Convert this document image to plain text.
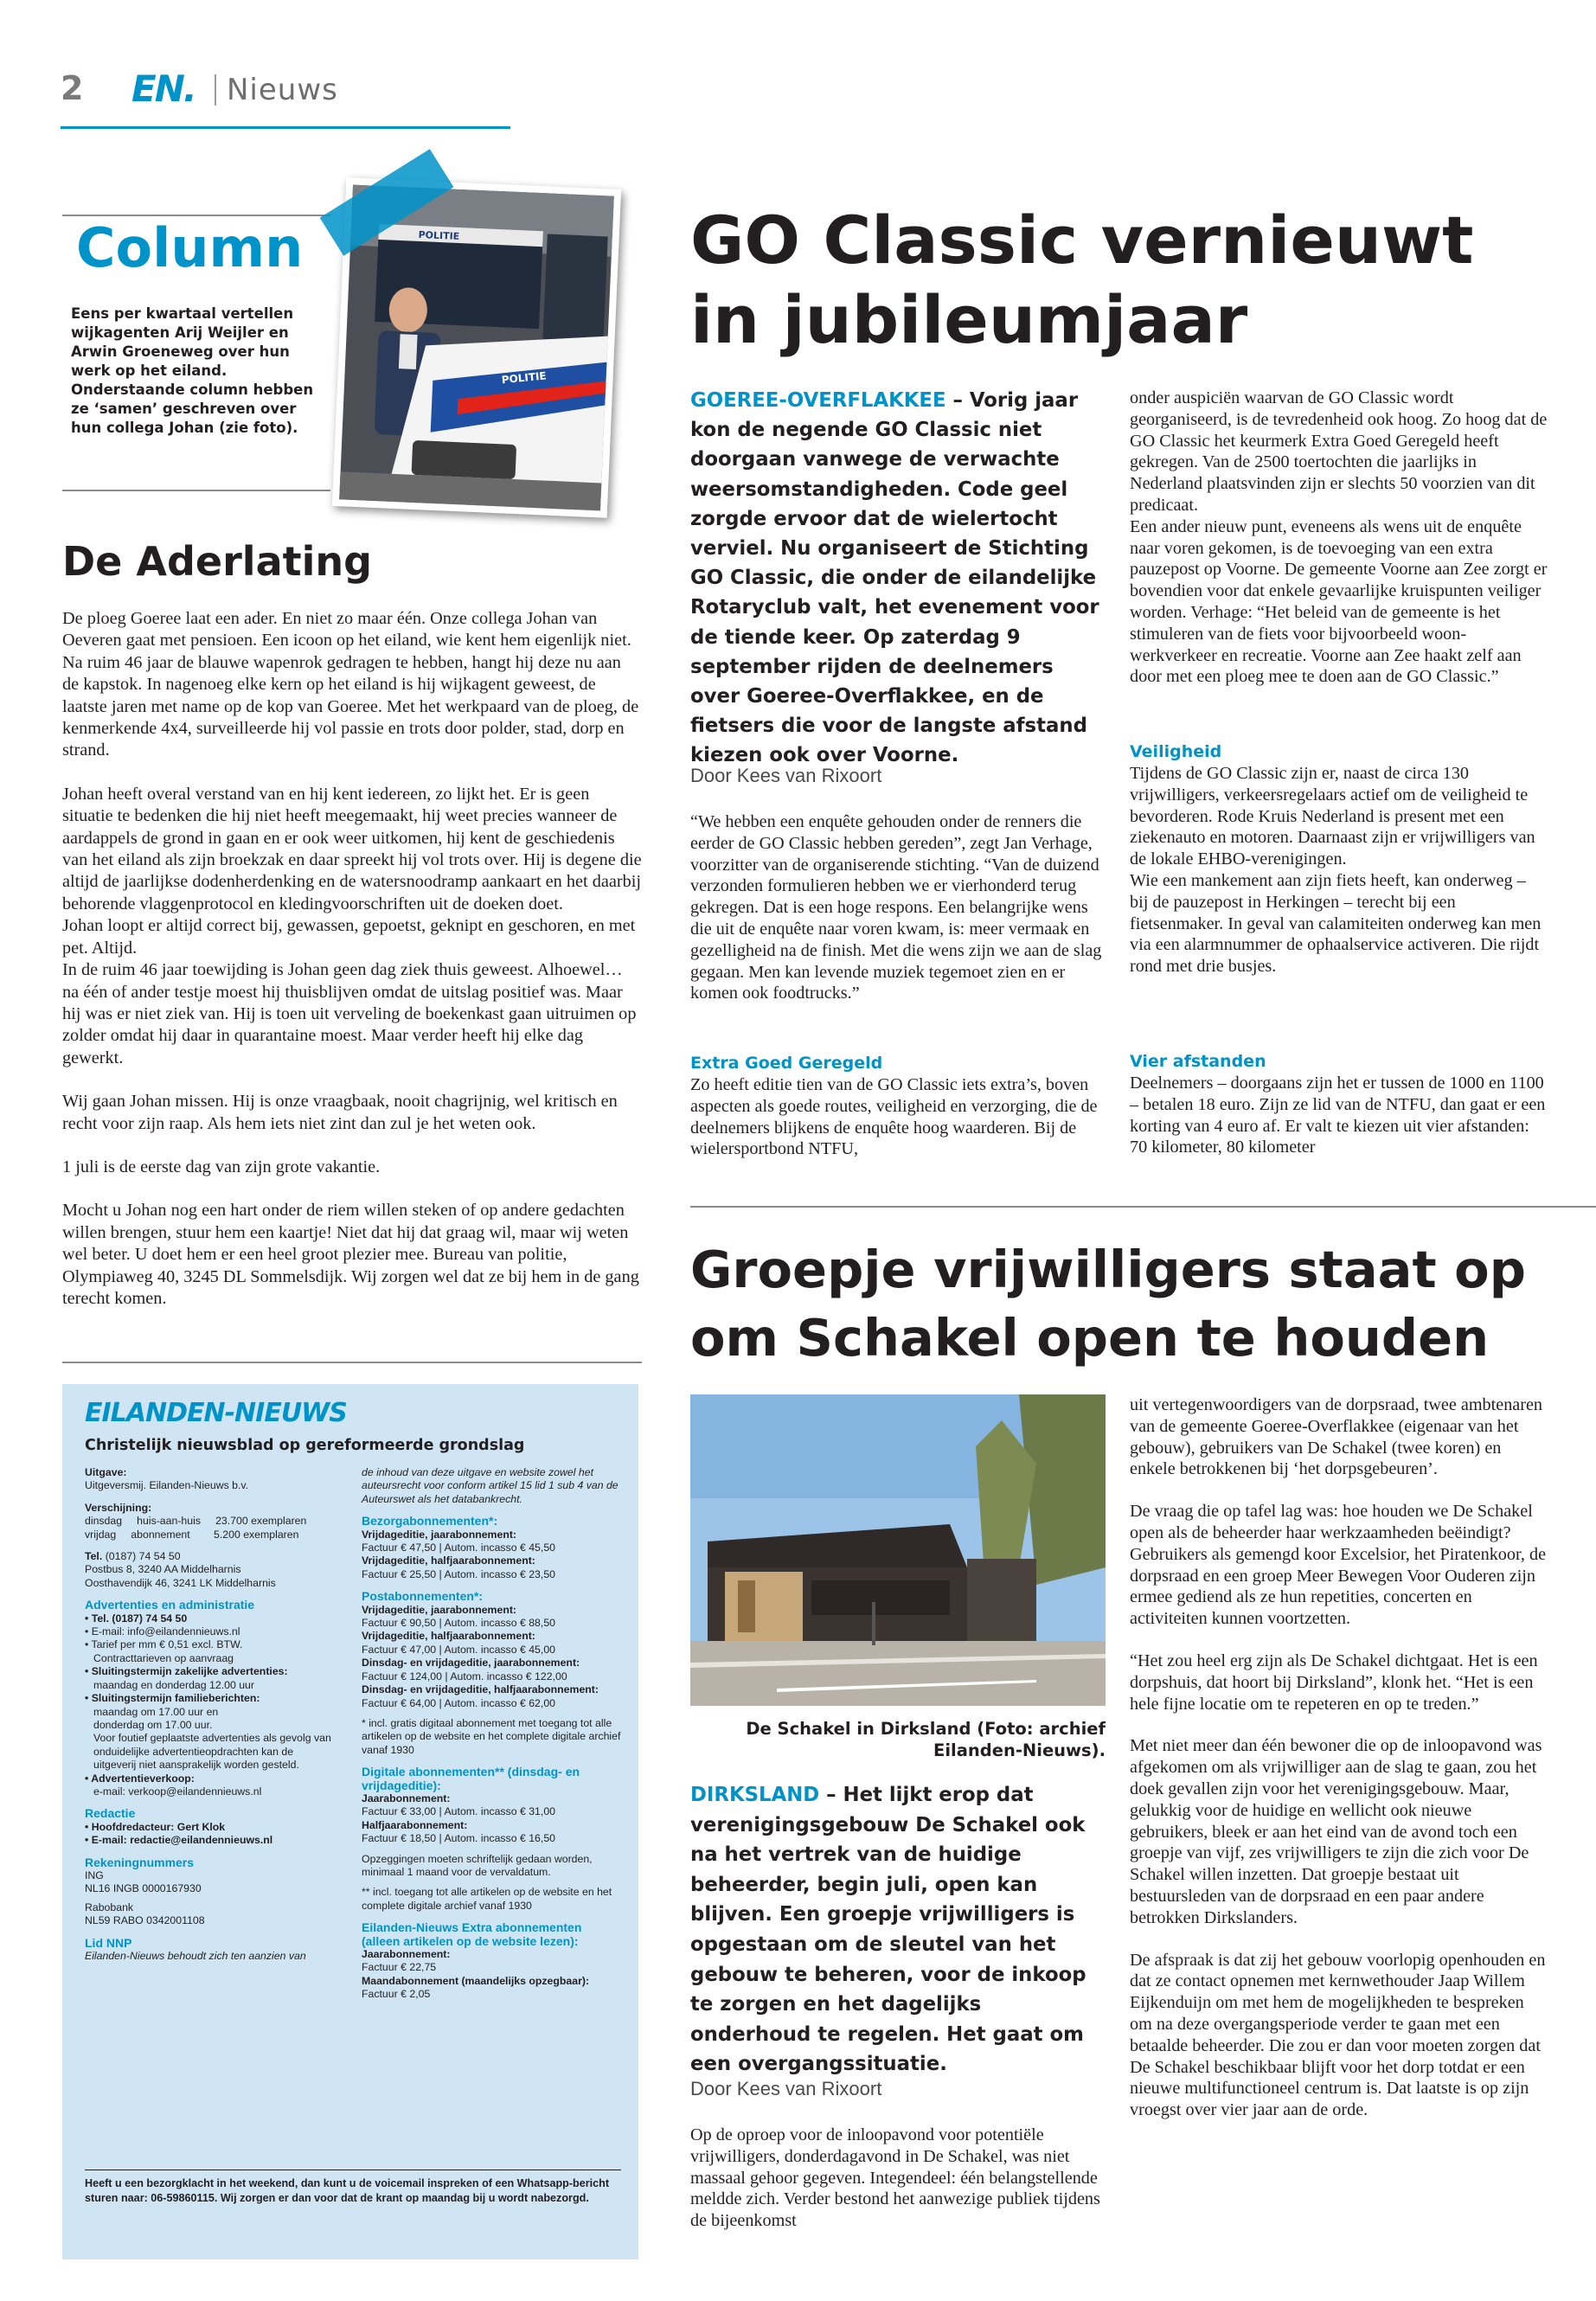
2 EN. Nieuws
Column
Eens per kwartaal vertellen wijkagenten Arij Weijler en Arwin Groeneweg over hun werk op het eiland. Onderstaande column hebben ze ‘samen’ geschreven over hun collega Johan (zie foto).
POLITIE
POLITIE
De Aderlating

De ploeg Goeree laat een ader. En niet zo maar één. Onze collega Johan van Oeveren gaat met pensioen. Een icoon op het eiland, wie kent hem eigenlijk niet. Na ruim 46 jaar de blauwe wapenrok gedragen te hebben, hangt hij deze nu aan de kapstok. In nagenoeg elke kern op het eiland is hij wijkagent geweest, de laatste jaren met name op de kop van Goeree. Met het werkpaard van de ploeg, de kenmerkende 4x4, surveilleerde hij vol passie en trots door polder, stad, dorp en strand.

Johan heeft overal verstand van en hij kent iedereen, zo lijkt het. Er is geen situatie te bedenken die hij niet heeft meegemaakt, hij weet precies wanneer de aardappels de grond in gaan en er ook weer uitkomen, hij kent de geschiedenis van het eiland als zijn broekzak en daar spreekt hij vol trots over. Hij is degene die altijd de jaarlijkse dodenherdenking en de watersnoodramp aankaart en het daarbij behorende vlaggenprotocol en kledingvoorschriften uit de doeken doet.

Johan loopt er altijd correct bij, gewassen, gepoetst, geknipt en geschoren, en met pet. Altijd.

In de ruim 46 jaar toewijding is Johan geen dag ziek thuis geweest. Alhoewel… na één of ander testje moest hij thuisblijven omdat de uitslag positief was. Maar hij was er niet ziek van. Hij is toen uit verveling de boekenkast gaan uitruimen op zolder omdat hij daar in quarantaine moest. Maar verder heeft hij elke dag gewerkt.

Wij gaan Johan missen. Hij is onze vraagbaak, nooit chagrijnig, wel kritisch en recht voor zijn raap. Als hem iets niet zint dan zul je het weten ook.

1 juli is de eerste dag van zijn grote vakantie.

Mocht u Johan nog een hart onder de riem willen steken of op andere gedachten willen brengen, stuur hem een kaartje! Niet dat hij dat graag wil, maar wij weten wel beter. U doet hem er een heel groot plezier mee. Bureau van politie, Olympiaweg 40, 3245 DL Sommelsdijk. Wij zorgen wel dat ze bij hem in de gang terecht komen.

EILANDEN-NIEUWS
Christelijk nieuwsblad op gereformeerde grondslag
Uitgave:
Uitgeversmij. Eilanden-Nieuws b.v.
Verschijning:
dinsdag     huis-aan-huis     23.700 exemplaren
vrijdag     abonnement        5.200 exemplaren
Tel. (0187) 74 54 50
Postbus 8, 3240 AA Middelharnis
Oosthavendijk 46, 3241 LK Middelharnis
Advertenties en administratie
• Tel. (0187) 74 54 50
• E-mail: info@eilandennieuws.nl
• Tarief per mm € 0,51 excl. BTW.
Contracttarieven op aanvraag
• Sluitingstermijn zakelijke advertenties:
maandag en donderdag 12.00 uur
• Sluitingstermijn familieberichten:
maandag om 17.00 uur en
donderdag om 17.00 uur.
Voor foutief geplaatste advertenties als gevolg van onduidelijke advertentieopdrachten kan de uitgeverij niet aansprakelijk worden gesteld.
• Advertentieverkoop:
e-mail: verkoop@eilandennieuws.nl
Redactie
• Hoofdredacteur: Gert Klok
• E-mail: redactie@eilandennieuws.nl
Rekeningnummers
ING
NL16 INGB 0000167930
Rabobank
NL59 RABO 0342001108
Lid NNP
Eilanden-Nieuws behoudt zich ten aanzien van
de inhoud van deze uitgave en website zowel het auteursrecht voor conform artikel 15 lid 1 sub 4 van de Auteurswet als het databankrecht.
Bezorgabonnementen*:
Vrijdageditie, jaarabonnement:
Factuur € 47,50 | Autom. incasso € 45,50
Vrijdageditie, halfjaarabonnement:
Factuur € 25,50 | Autom. incasso € 23,50
Postabonnementen*:
Vrijdageditie, jaarabonnement:
Factuur € 90,50 | Autom. incasso € 88,50
Vrijdageditie, halfjaarabonnement:
Factuur € 47,00 | Autom. incasso € 45,00
Dinsdag- en vrijdageditie, jaarabonnement:
Factuur € 124,00 | Autom. incasso € 122,00
Dinsdag- en vrijdageditie, halfjaarabonnement:
Factuur € 64,00 | Autom. incasso € 62,00
* incl. gratis digitaal abonnement met toegang tot alle artikelen op de website en het complete digitale archief vanaf 1930
Digitale abonnementen** (dinsdag- en vrijdageditie):
Jaarabonnement:
Factuur € 33,00 | Autom. incasso € 31,00
Halfjaarabonnement:
Factuur € 18,50 | Autom. incasso € 16,50
Opzeggingen moeten schriftelijk gedaan worden, minimaal 1 maand voor de vervaldatum.
** incl. toegang tot alle artikelen op de website en het complete digitale archief vanaf 1930
Eilanden-Nieuws Extra abonnementen (alleen artikelen op de website lezen):
Jaarabonnement:
Factuur € 22,75
Maandabonnement (maandelijks opzegbaar):
Factuur € 2,05
Heeft u een bezorgklacht in het weekend, dan kunt u de voicemail inspreken of een Whatsapp-bericht sturen naar: 06-59860115. Wij zorgen er dan voor dat de krant op maandag bij u wordt nabezorgd.
GO Classic vernieuwt in jubileumjaar
GOEREE-OVERFLAKKEE – Vorig jaar kon de negende GO Classic niet doorgaan vanwege de verwachte weersomstandigheden. Code geel zorgde ervoor dat de wielertocht verviel. Nu organiseert de Stichting GO Classic, die onder de eilandelijke Rotaryclub valt, het evenement voor de tiende keer. Op zaterdag 9 september rijden de deelnemers over Goeree-Overflakkee, en de fietsers die voor de langste afstand kiezen ook over Voorne.
Door Kees van Rixoort
“We hebben een enquête gehouden onder de renners die eerder de GO Classic hebben gereden”, zegt Jan Verhage, voorzitter van de organiserende stichting. “Van de duizend verzonden formulieren hebben we er vierhonderd terug gekregen. Dat is een hoge respons. Een belangrijke wens die uit de enquête naar voren kwam, is: meer vermaak en gezelligheid na de finish. Met die wens zijn we aan de slag gegaan. Men kan levende muziek tegemoet zien en er komen ook foodtrucks.”
Extra Goed Geregeld
Zo heeft editie tien van de GO Classic iets extra’s, boven aspecten als goede routes, veiligheid en verzorging, die de deelnemers blijkens de enquête hoog waarderen. Bij de wielersportbond NTFU,

onder auspiciën waarvan de GO Classic wordt georganiseerd, is de tevredenheid ook hoog. Zo hoog dat de GO Classic het keurmerk Extra Goed Geregeld heeft gekregen. Van de 2500 toertochten die jaarlijks in Nederland plaatsvinden zijn er slechts 50 voorzien van dit predicaat.

Een ander nieuw punt, eveneens als wens uit de enquête naar voren gekomen, is de toevoeging van een extra pauzepost op Voorne. De gemeente Voorne aan Zee zorgt er bovendien voor dat enkele gevaarlijke kruispunten veiliger worden. Verhage: “Het beleid van de gemeente is het stimuleren van de fiets voor bijvoorbeeld woon-werkverkeer en recreatie. Voorne aan Zee haakt zelf aan door met een ploeg mee te doen aan de GO Classic.”

Veiligheid

Tijdens de GO Classic zijn er, naast de circa 130 vrijwilligers, verkeersregelaars actief om de veiligheid te bevorderen. Rode Kruis Nederland is present met een ziekenauto en motoren. Daarnaast zijn er vrijwilligers van de lokale EHBO-verenigingen.

Wie een mankement aan zijn fiets heeft, kan onderweg – bij de pauzepost in Herkingen – terecht bij een fietsenmaker. In geval van calamiteiten onderweg kan men via een alarmnummer de ophaalservice activeren. Die rijdt rond met drie busjes.

Vier afstanden
Deelnemers – doorgaans zijn het er tussen de 1000 en 1100 – betalen 18 euro. Zijn ze lid van de NTFU, dan gaat er een korting van 4 euro af. Er valt te kiezen uit vier afstanden: 70 kilometer, 80 kilometer
Groepje vrijwilligers staat op om Schakel open te houden
De Schakel in Dirksland (Foto: archief Eilanden-Nieuws).
DIRKSLAND – Het lijkt erop dat verenigingsgebouw De Schakel ook na het vertrek van de huidige beheerder, begin juli, open kan blijven. Een groepje vrijwilligers is opgestaan om de sleutel van het gebouw te beheren, voor de inkoop te zorgen en het dagelijks onderhoud te regelen. Het gaat om een overgangssituatie.
Door Kees van Rixoort
Op de oproep voor de inloopavond voor potentiële vrijwilligers, donderdagavond in De Schakel, was niet massaal gehoor gegeven. Integendeel: één belangstellende meldde zich. Verder bestond het aanwezige publiek tijdens de bijeenkomst

uit vertegenwoordigers van de dorpsraad, twee ambtenaren van de gemeente Goeree-Overflakkee (eigenaar van het gebouw), gebruikers van De Schakel (twee koren) en enkele betrokkenen bij ‘het dorpsgebeuren’.

De vraag die op tafel lag was: hoe houden we De Schakel open als de beheerder haar werkzaamheden beëindigt? Gebruikers als gemengd koor Excelsior, het Piratenkoor, de dorpsraad en een groep Meer Bewegen Voor Ouderen zijn ermee gediend als ze hun repetities, concerten en activiteiten kunnen voortzetten.

“Het zou heel erg zijn als De Schakel dichtgaat. Het is een dorpshuis, dat hoort bij Dirksland”, klonk het. “Het is een hele fijne locatie om te repeteren en op te treden.”

Met niet meer dan één bewoner die op de inloopavond was afgekomen om als vrijwilliger aan de slag te gaan, zou het doek gevallen zijn voor het verenigingsgebouw. Maar, gelukkig voor de huidige en wellicht ook nieuwe gebruikers, bleek er aan het eind van de avond toch een groepje van vijf, zes vrijwilligers te zijn die zich voor De Schakel willen inzetten. Dat groepje bestaat uit bestuursleden van de dorpsraad en een paar andere betrokken Dirkslanders.

De afspraak is dat zij het gebouw voorlopig openhouden en dat ze contact opnemen met kernwethouder Jaap Willem Eijkenduijn om met hem de mogelijkheden te bespreken om na deze overgangsperiode verder te gaan met een betaalde beheerder. Die zou er dan voor moeten zorgen dat De Schakel beschikbaar blijft voor het dorp totdat er een nieuwe multifunctioneel centrum is. Dat laatste is op zijn vroegst over vier jaar aan de orde.
